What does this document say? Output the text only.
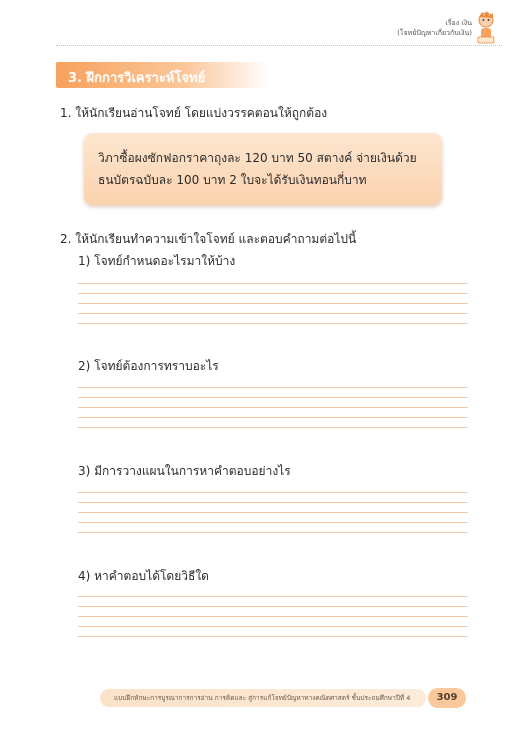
เรื่อง เงิน
(โจทย์ปัญหาเกี่ยวกับเงิน)
3. ฝึกการวิเคราะห์โจทย์
1. ให้นักเรียนอ่านโจทย์ โดยแบ่งวรรคตอนให้ถูกต้อง
วิภาซื้อผงซักฟอกราคาถุงละ 120 บาท 50 สตางค์ จ่ายเงินด้วย
ธนบัตรฉบับละ 100 บาท 2 ใบจะได้รับเงินทอนกี่บาท
2. ให้นักเรียนทำความเข้าใจโจทย์ และตอบคำถามต่อไปนี้
1) โจทย์กำหนดอะไรมาให้บ้าง
2) โจทย์ต้องการทราบอะไร
3) มีการวางแผนในการหาคำตอบอย่างไร
4) หาคำตอบได้โดยวิธีใด
แบบฝึกทักษะการบูรณาการการอ่าน การคิดและ สู่การแก้โจทย์ปัญหาทางคณิตศาสตร์ ชั้นประถมศึกษาปีที่ 4	309
